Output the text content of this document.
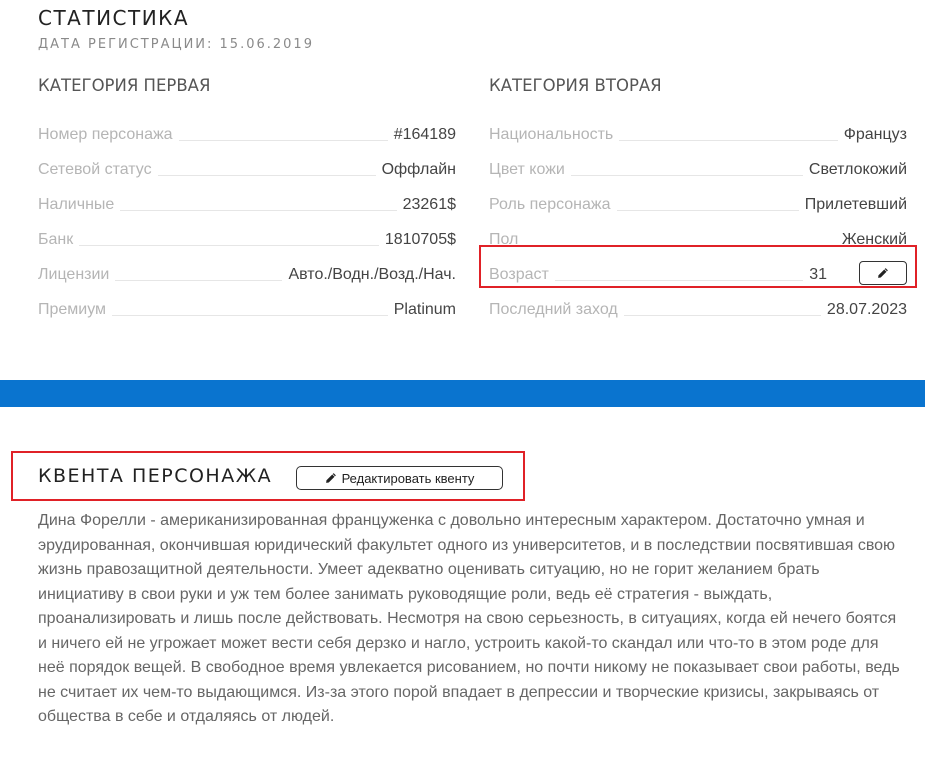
СТАТИСТИКА
ДАТА РЕГИСТРАЦИИ: 15.06.2019
КАТЕГОРИЯ ПЕРВАЯ	КАТЕГОРИЯ ВТОРАЯ
Номер персонажа	#164189
Сетевой статус	Оффлайн
Наличные	23261$
Банк	1810705$
Лицензии	Авто./Водн./Возд./Нач.
Премиум	Platinum
Национальность	Француз
Цвет кожи	Светлокожий
Роль персонажа	Прилетевший
Пол	Женский
Возраст	31
Последний заход	28.07.2023
КВЕНТА ПЕРСОНАЖА	Редактировать квенту
Дина Форелли - американизированная француженка с довольно интересным характером. Достаточно умная и эрудированная, окончившая юридический факультет одного из университетов, и в последствии посвятившая свою жизнь правозащитной деятельности. Умеет адекватно оценивать ситуацию, но не горит желанием брать инициативу в свои руки и уж тем более занимать руководящие роли, ведь её стратегия - выждать, проанализировать и лишь после действовать. Несмотря на свою серьезность, в ситуациях, когда ей нечего боятся и ничего ей не угрожает может вести себя дерзко и нагло, устроить какой-то скандал или что-то в этом роде для неё порядок вещей. В свободное время увлекается рисованием, но почти никому не показывает свои работы, ведь не считает их чем-то выдающимся. Из-за этого порой впадает в депрессии и творческие кризисы, закрываясь от общества в себе и отдаляясь от людей.
